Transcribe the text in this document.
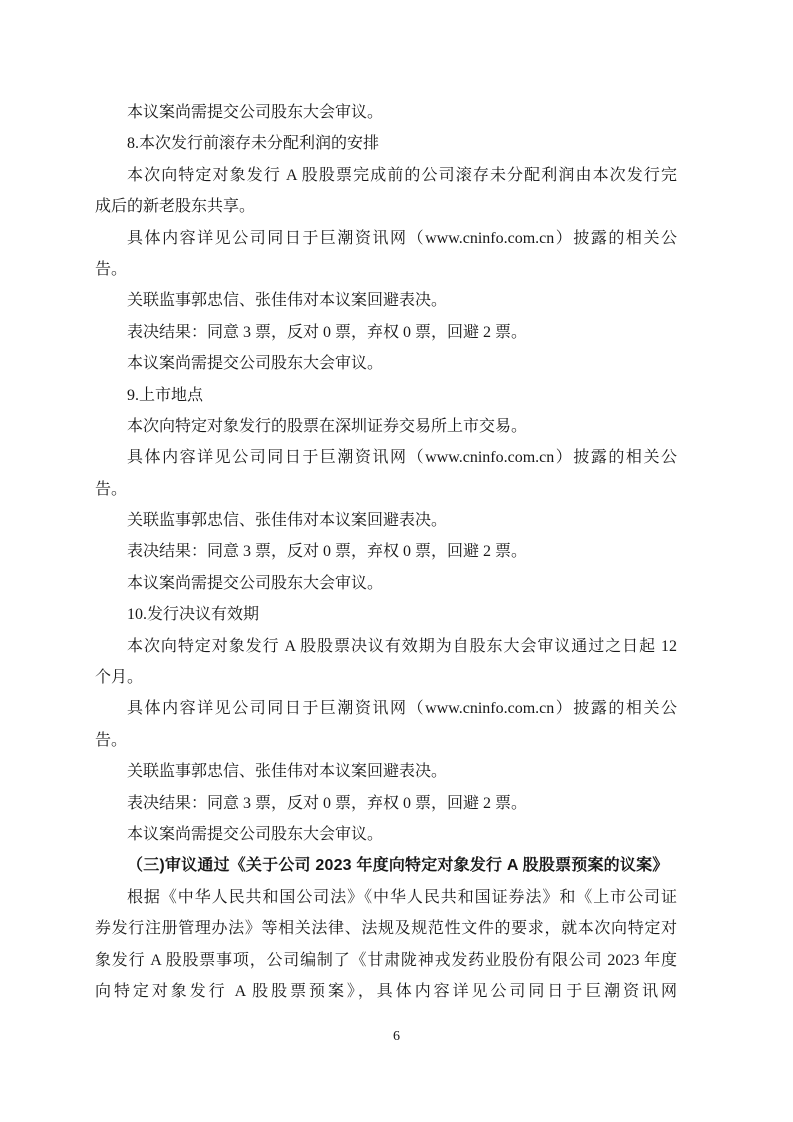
本议案尚需提交公司股东大会审议。
8.本次发行前滚存未分配利润的安排
本次向特定对象发行 A 股股票完成前的公司滚存未分配利润由本次发行完
成后的新老股东共享。
具体内容详见公司同日于巨潮资讯网（www.cninfo.com.cn）披露的相关公
告。
关联监事郭忠信、张佳伟对本议案回避表决。
表决结果：同意 3 票，反对 0 票，弃权 0 票，回避 2 票。
本议案尚需提交公司股东大会审议。
9.上市地点
本次向特定对象发行的股票在深圳证券交易所上市交易。
具体内容详见公司同日于巨潮资讯网（www.cninfo.com.cn）披露的相关公
告。
关联监事郭忠信、张佳伟对本议案回避表决。
表决结果：同意 3 票，反对 0 票，弃权 0 票，回避 2 票。
本议案尚需提交公司股东大会审议。
10.发行决议有效期
本次向特定对象发行 A 股股票决议有效期为自股东大会审议通过之日起 12
个月。
具体内容详见公司同日于巨潮资讯网（www.cninfo.com.cn）披露的相关公
告。
关联监事郭忠信、张佳伟对本议案回避表决。
表决结果：同意 3 票，反对 0 票，弃权 0 票，回避 2 票。
本议案尚需提交公司股东大会审议。
（三)审议通过《关于公司 2023 年度向特定对象发行 A 股股票预案的议案》
根据《中华人民共和国公司法》《中华人民共和国证券法》和《上市公司证
券发行注册管理办法》等相关法律、法规及规范性文件的要求，就本次向特定对
象发行 A 股股票事项，公司编制了《甘肃陇神戎发药业股份有限公司 2023 年度
向特定对象发行 A 股股票预案》，具体内容详见公司同日于巨潮资讯网
6
